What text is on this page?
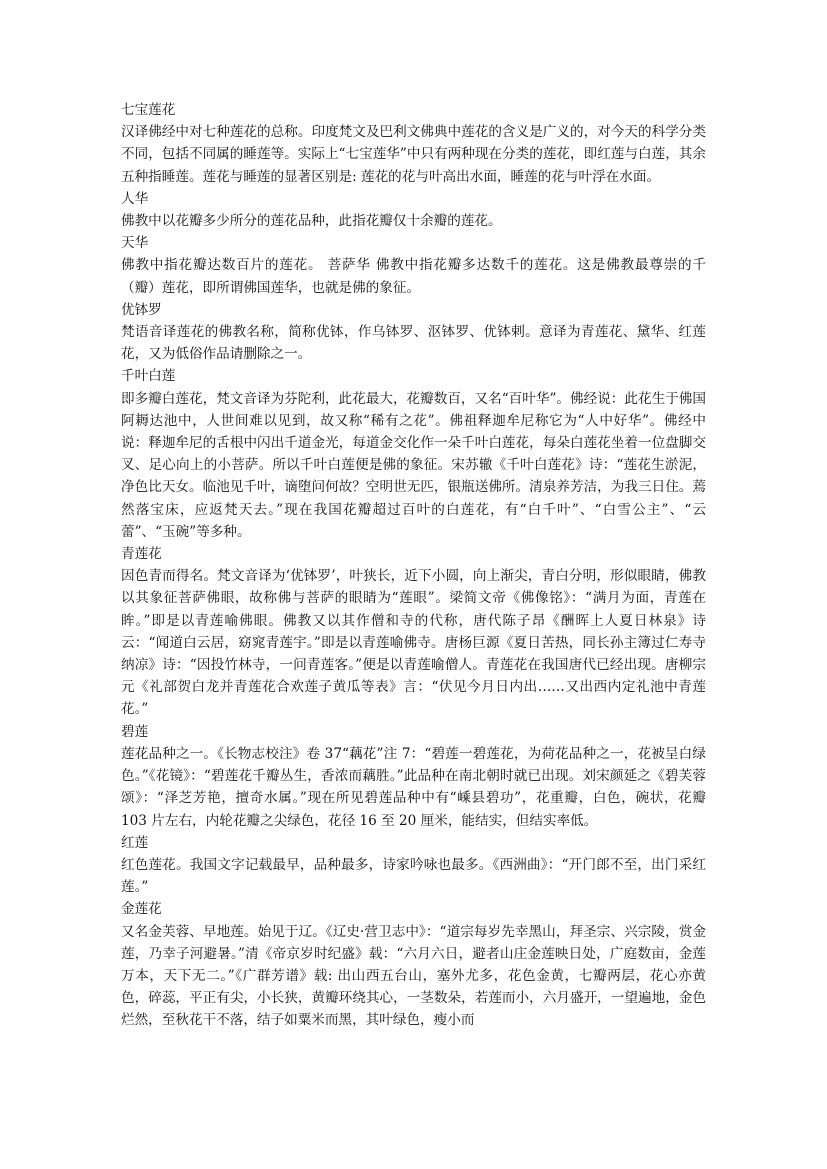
七宝莲花

汉译佛经中对七种莲花的总称。印度梵文及巴利文佛典中莲花的含义是广义的，对今天的科学分类不同，包括不同属的睡莲等。实际上“七宝莲华”中只有两种现在分类的莲花，即红莲与白莲，其余五种指睡莲。莲花与睡莲的显著区别是: 莲花的花与叶高出水面，睡莲的花与叶浮在水面。

人华

佛教中以花瓣多少所分的莲花品种，此指花瓣仅十余瓣的莲花。

天华

佛教中指花瓣达数百片的莲花。 菩萨华 佛教中指花瓣多达数千的莲花。这是佛教最尊崇的千（瓣）莲花，即所谓佛国莲华，也就是佛的象征。

优钵罗

梵语音译莲花的佛教名称，简称优钵，作乌钵罗、沤钵罗、优钵剌。意译为青莲花、黛华、红莲花，又为低俗作品请删除之一。

千叶白莲

即多瓣白莲花，梵文音译为芬陀利，此花最大，花瓣数百，又名“百叶华”。佛经说：此花生于佛国阿耨达池中，人世间难以见到，故又称“稀有之花”。佛祖释迦牟尼称它为“人中好华”。佛经中说：释迦牟尼的舌根中闪出千道金光，每道金交化作一朵千叶白莲花，每朵白莲花坐着一位盘脚交叉、足心向上的小菩萨。所以千叶白莲便是佛的象征。宋苏辙《千叶白莲花》诗：“莲花生淤泥，净色比天女。临池见千叶，谪堕问何故？空明世无匹，银瓶送佛所。清泉养芳洁，为我三日住。蔫然落宝床，应返梵天去。”现在我国花瓣超过百叶的白莲花，有“白千叶”、“白雪公主”、“云蕾”、“玉碗”等多种。

青莲花

因色青而得名。梵文音译为‘优钵罗’，叶狭长，近下小圆，向上渐尖，青白分明，形似眼睛，佛教以其象征菩萨佛眼，故称佛与菩萨的眼睛为“莲眼”。梁简文帝《佛像铭》：“满月为面，青莲在眸。”即是以青莲喻佛眼。佛教又以其作僧和寺的代称，唐代陈子昂《酬晖上人夏日林泉》诗云：“闻道白云居，窈窕青莲宇。”即是以青莲喻佛寺。唐杨巨源《夏日苦热，同长孙主簿过仁寿寺纳凉》诗：“因投竹林寺，一问青莲客。”便是以青莲喻僧人。青莲花在我国唐代已经出现。唐柳宗元《礼部贺白龙并青莲花合欢莲子黄瓜等表》言：“伏见今月日内出……又出西内定礼池中青莲花。”

碧莲

莲花品种之一。《长物志校注》卷 37“藕花”注 7：“碧莲一碧莲花，为荷花品种之一，花被呈白绿色。”《花镜》：“碧莲花千瓣丛生，香浓而藕胜。”此品种在南北朝时就已出现。刘宋颜延之《碧芙蓉颂》：“泽芝芳艳，擅奇水属。”现在所见碧莲品种中有“嵊县碧功”，花重瓣，白色，碗状，花瓣 103 片左右，内轮花瓣之尖绿色，花径 16 至 20 厘米，能结实，但结实率低。

红莲

红色莲花。我国文字记载最早，品种最多，诗家吟咏也最多。《西洲曲》：“开门郎不至，出门采红莲。”

金莲花

又名金芙蓉、早地莲。始见于辽。《辽史·营卫志中》：“道宗每岁先幸黑山，拜圣宗、兴宗陵，赏金莲，乃幸子河避暑。”清《帝京岁时纪盛》载：“六月六日，避者山庄金莲映日处，广庭数亩，金莲万本，天下无二。”《广群芳谱》载: 出山西五台山，塞外尤多，花色金黄，七瓣两层，花心亦黄色，碎蕊，平正有尖，小长狭，黄瓣环绕其心，一茎数朵，若莲而小，六月盛开，一望遍地，金色烂然，至秋花干不落，结子如粟米而黑，其叶绿色，瘦小而
